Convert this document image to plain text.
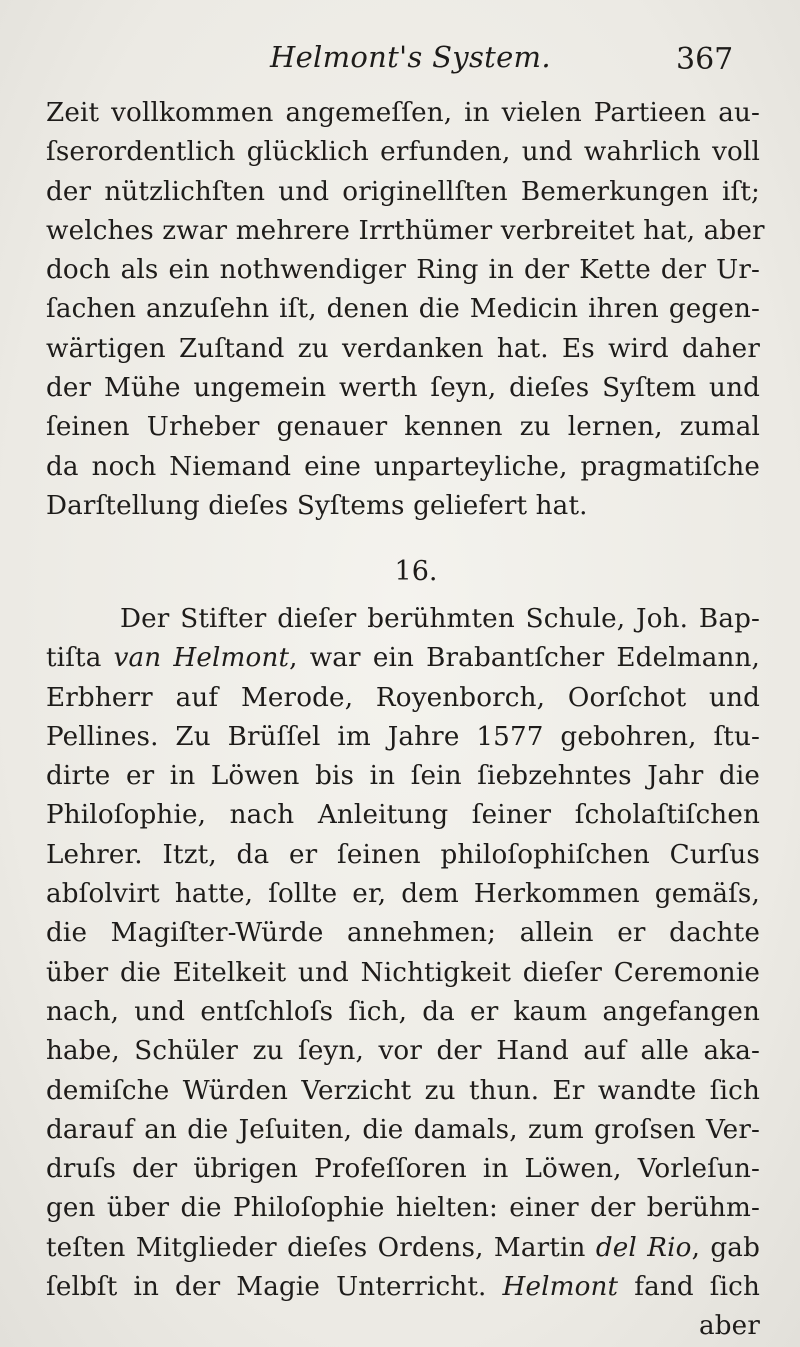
Helmont's System.	367
Zeit vollkommen angemeſſen, in vielen Partieen au-
ſserordentlich glücklich erfunden, und wahrlich voll
der nützlichſten und originellſten Bemerkungen iſt;
welches zwar mehrere Irrthümer verbreitet hat, aber
doch als ein nothwendiger Ring in der Kette der Ur-
ſachen anzuſehn iſt, denen die Medicin ihren gegen-
wärtigen Zuſtand zu verdanken hat. Es wird daher
der Mühe ungemein werth ſeyn, dieſes Syſtem und
ſeinen Urheber genauer kennen zu lernen, zumal
da noch Niemand eine unparteyliche, pragmatiſche
Darſtellung dieſes Syſtems geliefert hat.
16.
Der Stifter dieſer berühmten Schule, Joh. Bap-
tiſta van Helmont, war ein Brabantſcher Edelmann,
Erbherr auf Merode, Royenborch, Oorſchot und
Pellines. Zu Brüſſel im Jahre 1577 gebohren, ſtu-
dirte er in Löwen bis in ſein ſiebzehntes Jahr die
Philoſophie, nach Anleitung ſeiner ſcholaſtiſchen
Lehrer. Itzt, da er ſeinen philoſophiſchen Curſus
abſolvirt hatte, ſollte er, dem Herkommen gemäſs,
die Magiſter-Würde annehmen; allein er dachte
über die Eitelkeit und Nichtigkeit dieſer Ceremonie
nach, und entſchloſs ſich, da er kaum angefangen
habe, Schüler zu ſeyn, vor der Hand auf alle aka-
demiſche Würden Verzicht zu thun. Er wandte ſich
darauf an die Jeſuiten, die damals, zum groſsen Ver-
druſs der übrigen Profeſſoren in Löwen, Vorleſun-
gen über die Philoſophie hielten: einer der berühm-
teſten Mitglieder dieſes Ordens, Martin del Rio, gab
ſelbſt in der Magie Unterricht. Helmont fand ſich
aber
